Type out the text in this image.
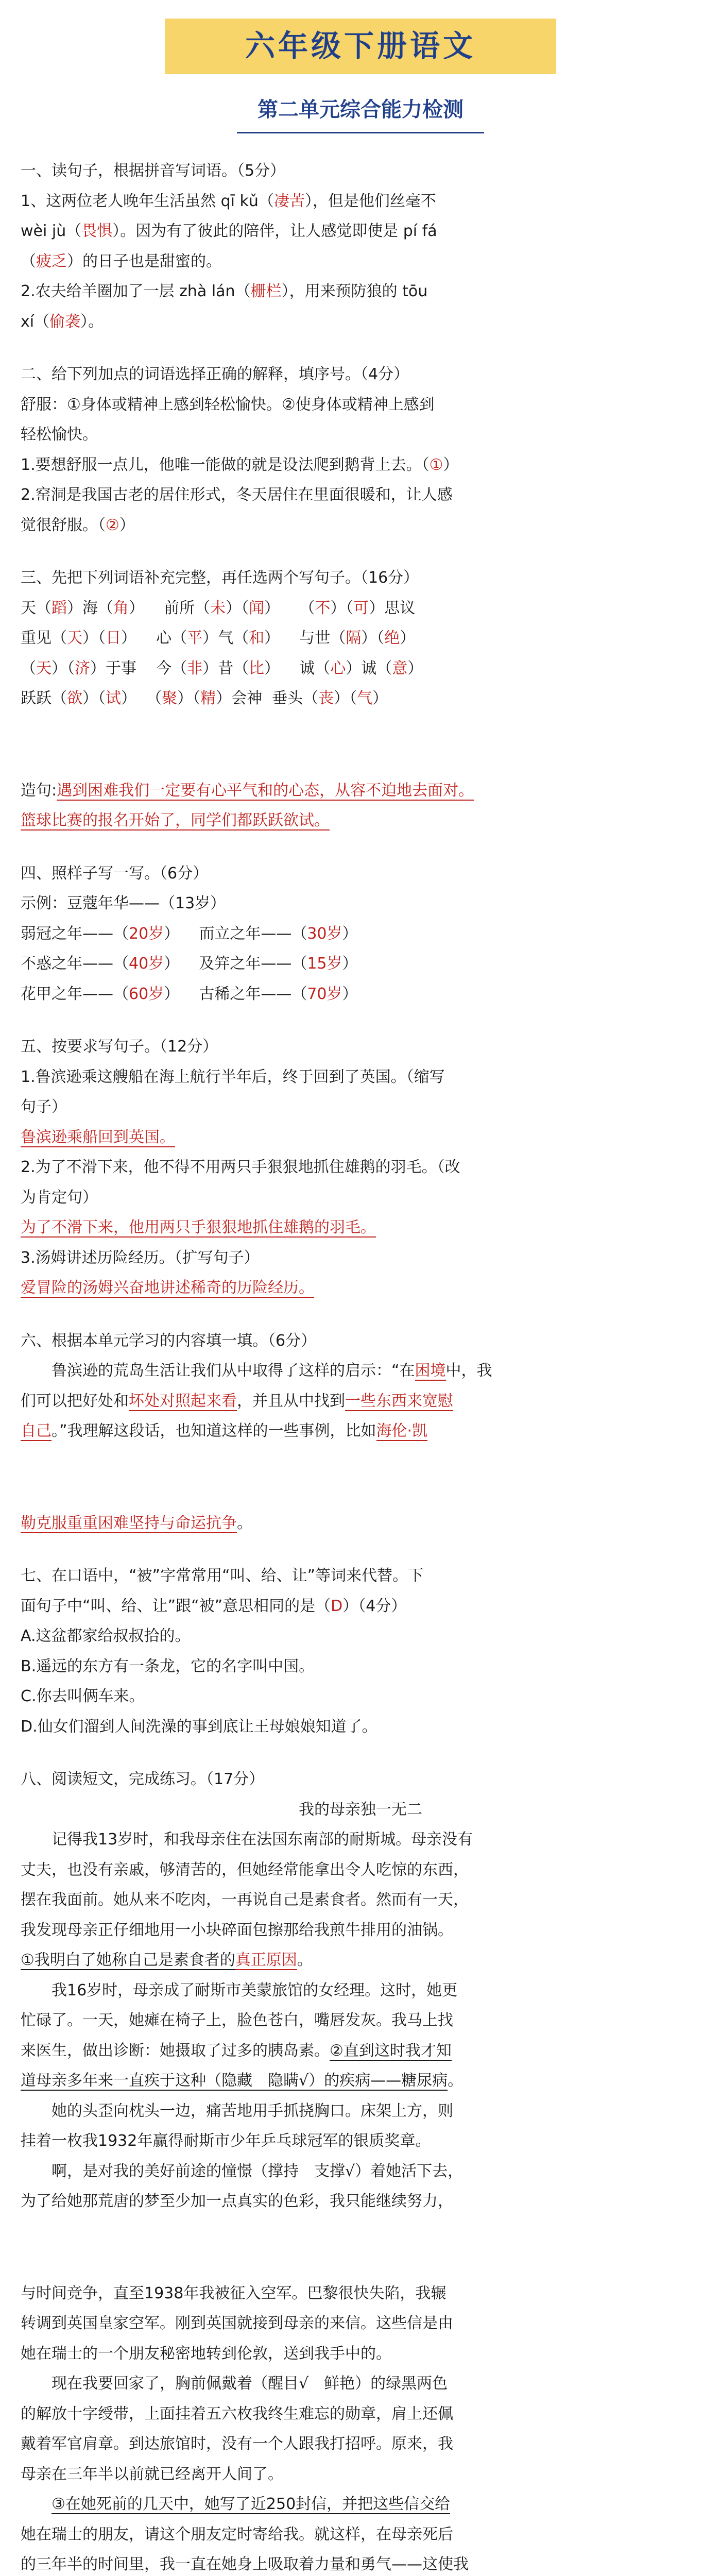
六年级下册语文
第二单元综合能力检测

一、读句子，根据拼音写词语。（5分）

1、这两位老人晚年生活虽然 qī kǔ（凄苦），但是他们丝毫不

wèi jù（畏惧）。因为有了彼此的陪伴，让人感觉即使是 pí fá

（疲乏）的日子也是甜蜜的。

2.农夫给羊圈加了一层 zhà lán（栅栏），用来预防狼的 tōu

xí（偷袭）。

二、给下列加点的词语选择正确的解释，填序号。（4分）

舒服：①身体或精神上感到轻松愉快。②使身体或精神上感到

轻松愉快。

1.要想舒服一点儿，他唯一能做的就是设法爬到鹅背上去。（①）

2.窑洞是我国古老的居住形式，冬天居住在里面很暖和，让人感

觉很舒服。（②）

三、先把下列词语补充完整，再任选两个写句子。（16分）

天（蹈）海（角） 前所（未）（闻） （不）（可）思议

重见（天）（日） 心（平）气（和） 与世（隔）（绝）

（天）（济）于事 今（非）昔（比） 诚（心）诚（意）

跃跃（欲）（试） （聚）（精）会神 垂头（丧）（气）

造句:遇到困难我们一定要有心平气和的心态，从容不迫地去面对。

篮球比赛的报名开始了，同学们都跃跃欲试。

四、照样子写一写。（6分）

示例：豆蔻年华——（13岁）

弱冠之年——（20岁） 而立之年——（30岁）

不惑之年——（40岁） 及笄之年——（15岁）

花甲之年——（60岁） 古稀之年——（70岁）

五、按要求写句子。（12分）

1.鲁滨逊乘这艘船在海上航行半年后，终于回到了英国。（缩写

句子）

鲁滨逊乘船回到英国。

2.为了不滑下来，他不得不用两只手狠狠地抓住雄鹅的羽毛。（改

为肯定句）

为了不滑下来，他用两只手狠狠地抓住雄鹅的羽毛。

3.汤姆讲述历险经历。（扩写句子）

爱冒险的汤姆兴奋地讲述稀奇的历险经历。

六、根据本单元学习的内容填一填。（6分）

鲁滨逊的荒岛生活让我们从中取得了这样的启示：“在困境中，我

们可以把好处和坏处对照起来看，并且从中找到一些东西来宽慰

自己。”我理解这段话，也知道这样的一些事例，比如海伦·凯

勒克服重重困难坚持与命运抗争。

七、在口语中，“被”字常常用“叫、给、让”等词来代替。下

面句子中“叫、给、让”跟“被”意思相同的是（D）（4分）

A.这盆都家给叔叔拾的。

B.遥远的东方有一条龙，它的名字叫中国。

C.你去叫俩车来。

D.仙女们溜到人间洗澡的事到底让王母娘娘知道了。

八、阅读短文，完成练习。（17分）

我的母亲独一无二

记得我13岁时，和我母亲住在法国东南部的耐斯城。母亲没有

丈夫，也没有亲戚，够清苦的，但她经常能拿出令人吃惊的东西，

摆在我面前。她从来不吃肉，一再说自己是素食者。然而有一天，

我发现母亲正仔细地用一小块碎面包擦那给我煎牛排用的油锅。

①我明白了她称自己是素食者的真正原因。

我16岁时，母亲成了耐斯市美蒙旅馆的女经理。这时，她更

忙碌了。一天，她瘫在椅子上，脸色苍白，嘴唇发灰。我马上找

来医生，做出诊断：她摄取了过多的胰岛素。②直到这时我才知

道母亲多年来一直疾于这种（隐藏　隐瞒√）的疾病——糖尿病。

她的头歪向枕头一边，痛苦地用手抓挠胸口。床架上方，则

挂着一枚我1932年赢得耐斯市少年乒乓球冠军的银质奖章。

啊，是对我的美好前途的憧憬（撑持　支撑√）着她活下去，

为了给她那荒唐的梦至少加一点真实的色彩，我只能继续努力，

与时间竞争，直至1938年我被征入空军。巴黎很快失陷，我辗

转调到英国皇家空军。刚到英国就接到母亲的来信。这些信是由

她在瑞士的一个朋友秘密地转到伦敦，送到我手中的。

现在我要回家了，胸前佩戴着（醒目√　鲜艳）的绿黑两色

的解放十字绶带，上面挂着五六枚我终生难忘的勋章，肩上还佩

戴着军官肩章。到达旅馆时，没有一个人跟我打招呼。原来，我

母亲在三年半以前就已经离开人间了。

③在她死前的几天中，她写了近250封信，并把这些信交给

她在瑞士的朋友，请这个朋友定时寄给我。就这样，在母亲死后

的三年半的时间里，我一直在她身上吸取着力量和勇气——这使我
